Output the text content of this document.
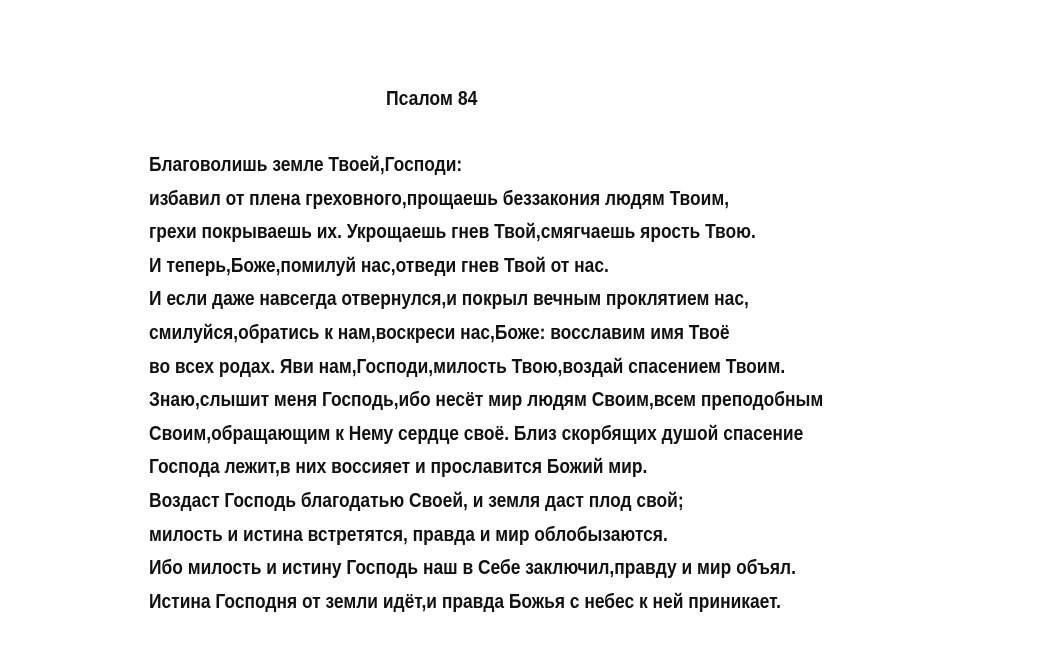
Псалом 84
Благоволишь земле Твоей,Господи:
избавил от плена греховного,прощаешь беззакония людям Твоим,
грехи покрываешь их. Укрощаешь гнев Твой,смягчаешь ярость Твою.
И теперь,Боже,помилуй нас,отведи гнев Твой от нас.
И если даже навсегда отвернулся,и покрыл вечным проклятием нас,
смилуйся,обратись к нам,воскреси нас,Боже: восславим имя Твоё
во всех родах. Яви нам,Господи,милость Твою,воздай спасением Твоим.
Знаю,слышит меня Господь,ибо несёт мир людям Своим,всем преподобным
Своим,обращающим к Нему сердце своё. Близ скорбящих душой спасение
Господа лежит,в них воссияет и прославится Божий мир.
Воздаст Господь благодатью Своей, и земля даст плод свой;
милость и истина встретятся, правда и мир облобызаются.
Ибо милость и истину Господь наш в Себе заключил,правду и мир объял.
Истина Господня от земли идёт,и правда Божья с небес к ней приникает.
